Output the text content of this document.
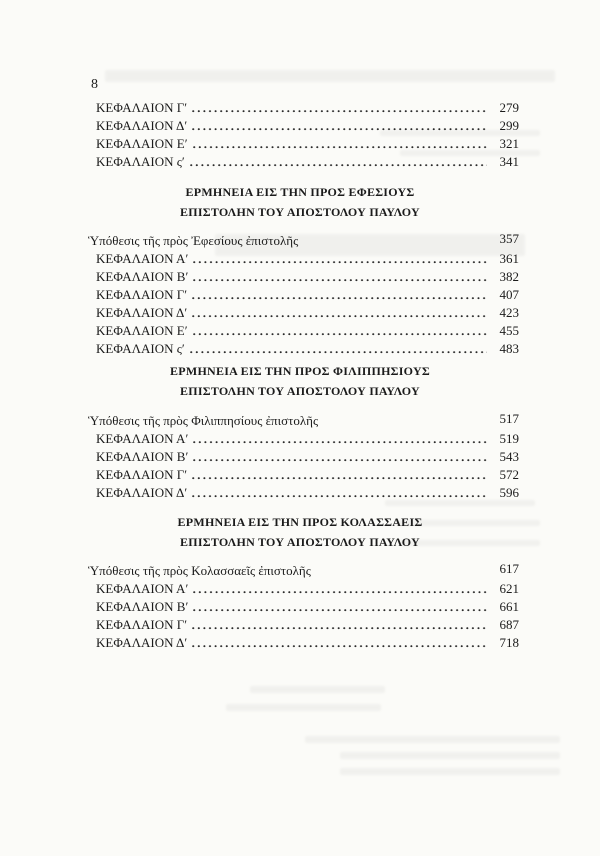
8
ΚΕΦΑΛΑΙΟΝ Γʹ	279
ΚΕΦΑΛΑΙΟΝ Δʹ	299
ΚΕΦΑΛΑΙΟΝ Εʹ	321
ΚΕΦΑΛΑΙΟΝ ςʹ	341
ΕΡΜΗΝΕΙΑ ΕΙΣ ΤΗΝ ΠΡΟΣ ΕΦΕΣΙΟΥΣ
ΕΠΙΣΤΟΛΗΝ ΤΟΥ ΑΠΟΣΤΟΛΟΥ ΠΑΥΛΟΥ
Ὑπόθεσις τῆς πρὸς Ἐφεσίους ἐπιστολῆς	357
ΚΕΦΑΛΑΙΟΝ Αʹ	361
ΚΕΦΑΛΑΙΟΝ Βʹ	382
ΚΕΦΑΛΑΙΟΝ Γʹ	407
ΚΕΦΑΛΑΙΟΝ Δʹ	423
ΚΕΦΑΛΑΙΟΝ Εʹ	455
ΚΕΦΑΛΑΙΟΝ ςʹ	483
ΕΡΜΗΝΕΙΑ ΕΙΣ ΤΗΝ ΠΡΟΣ ΦΙΛΙΠΠΗΣΙΟΥΣ
ΕΠΙΣΤΟΛΗΝ ΤΟΥ ΑΠΟΣΤΟΛΟΥ ΠΑΥΛΟΥ
Ὑπόθεσις τῆς πρὸς Φιλιππησίους ἐπιστολῆς	517
ΚΕΦΑΛΑΙΟΝ Αʹ	519
ΚΕΦΑΛΑΙΟΝ Βʹ	543
ΚΕΦΑΛΑΙΟΝ Γʹ	572
ΚΕΦΑΛΑΙΟΝ Δʹ	596
ΕΡΜΗΝΕΙΑ ΕΙΣ ΤΗΝ ΠΡΟΣ ΚΟΛΑΣΣΑΕΙΣ
ΕΠΙΣΤΟΛΗΝ ΤΟΥ ΑΠΟΣΤΟΛΟΥ ΠΑΥΛΟΥ
Ὑπόθεσις τῆς πρὸς Κολασσαεῖς ἐπιστολῆς	617
ΚΕΦΑΛΑΙΟΝ Αʹ	621
ΚΕΦΑΛΑΙΟΝ Βʹ	661
ΚΕΦΑΛΑΙΟΝ Γʹ	687
ΚΕΦΑΛΑΙΟΝ Δʹ	718
